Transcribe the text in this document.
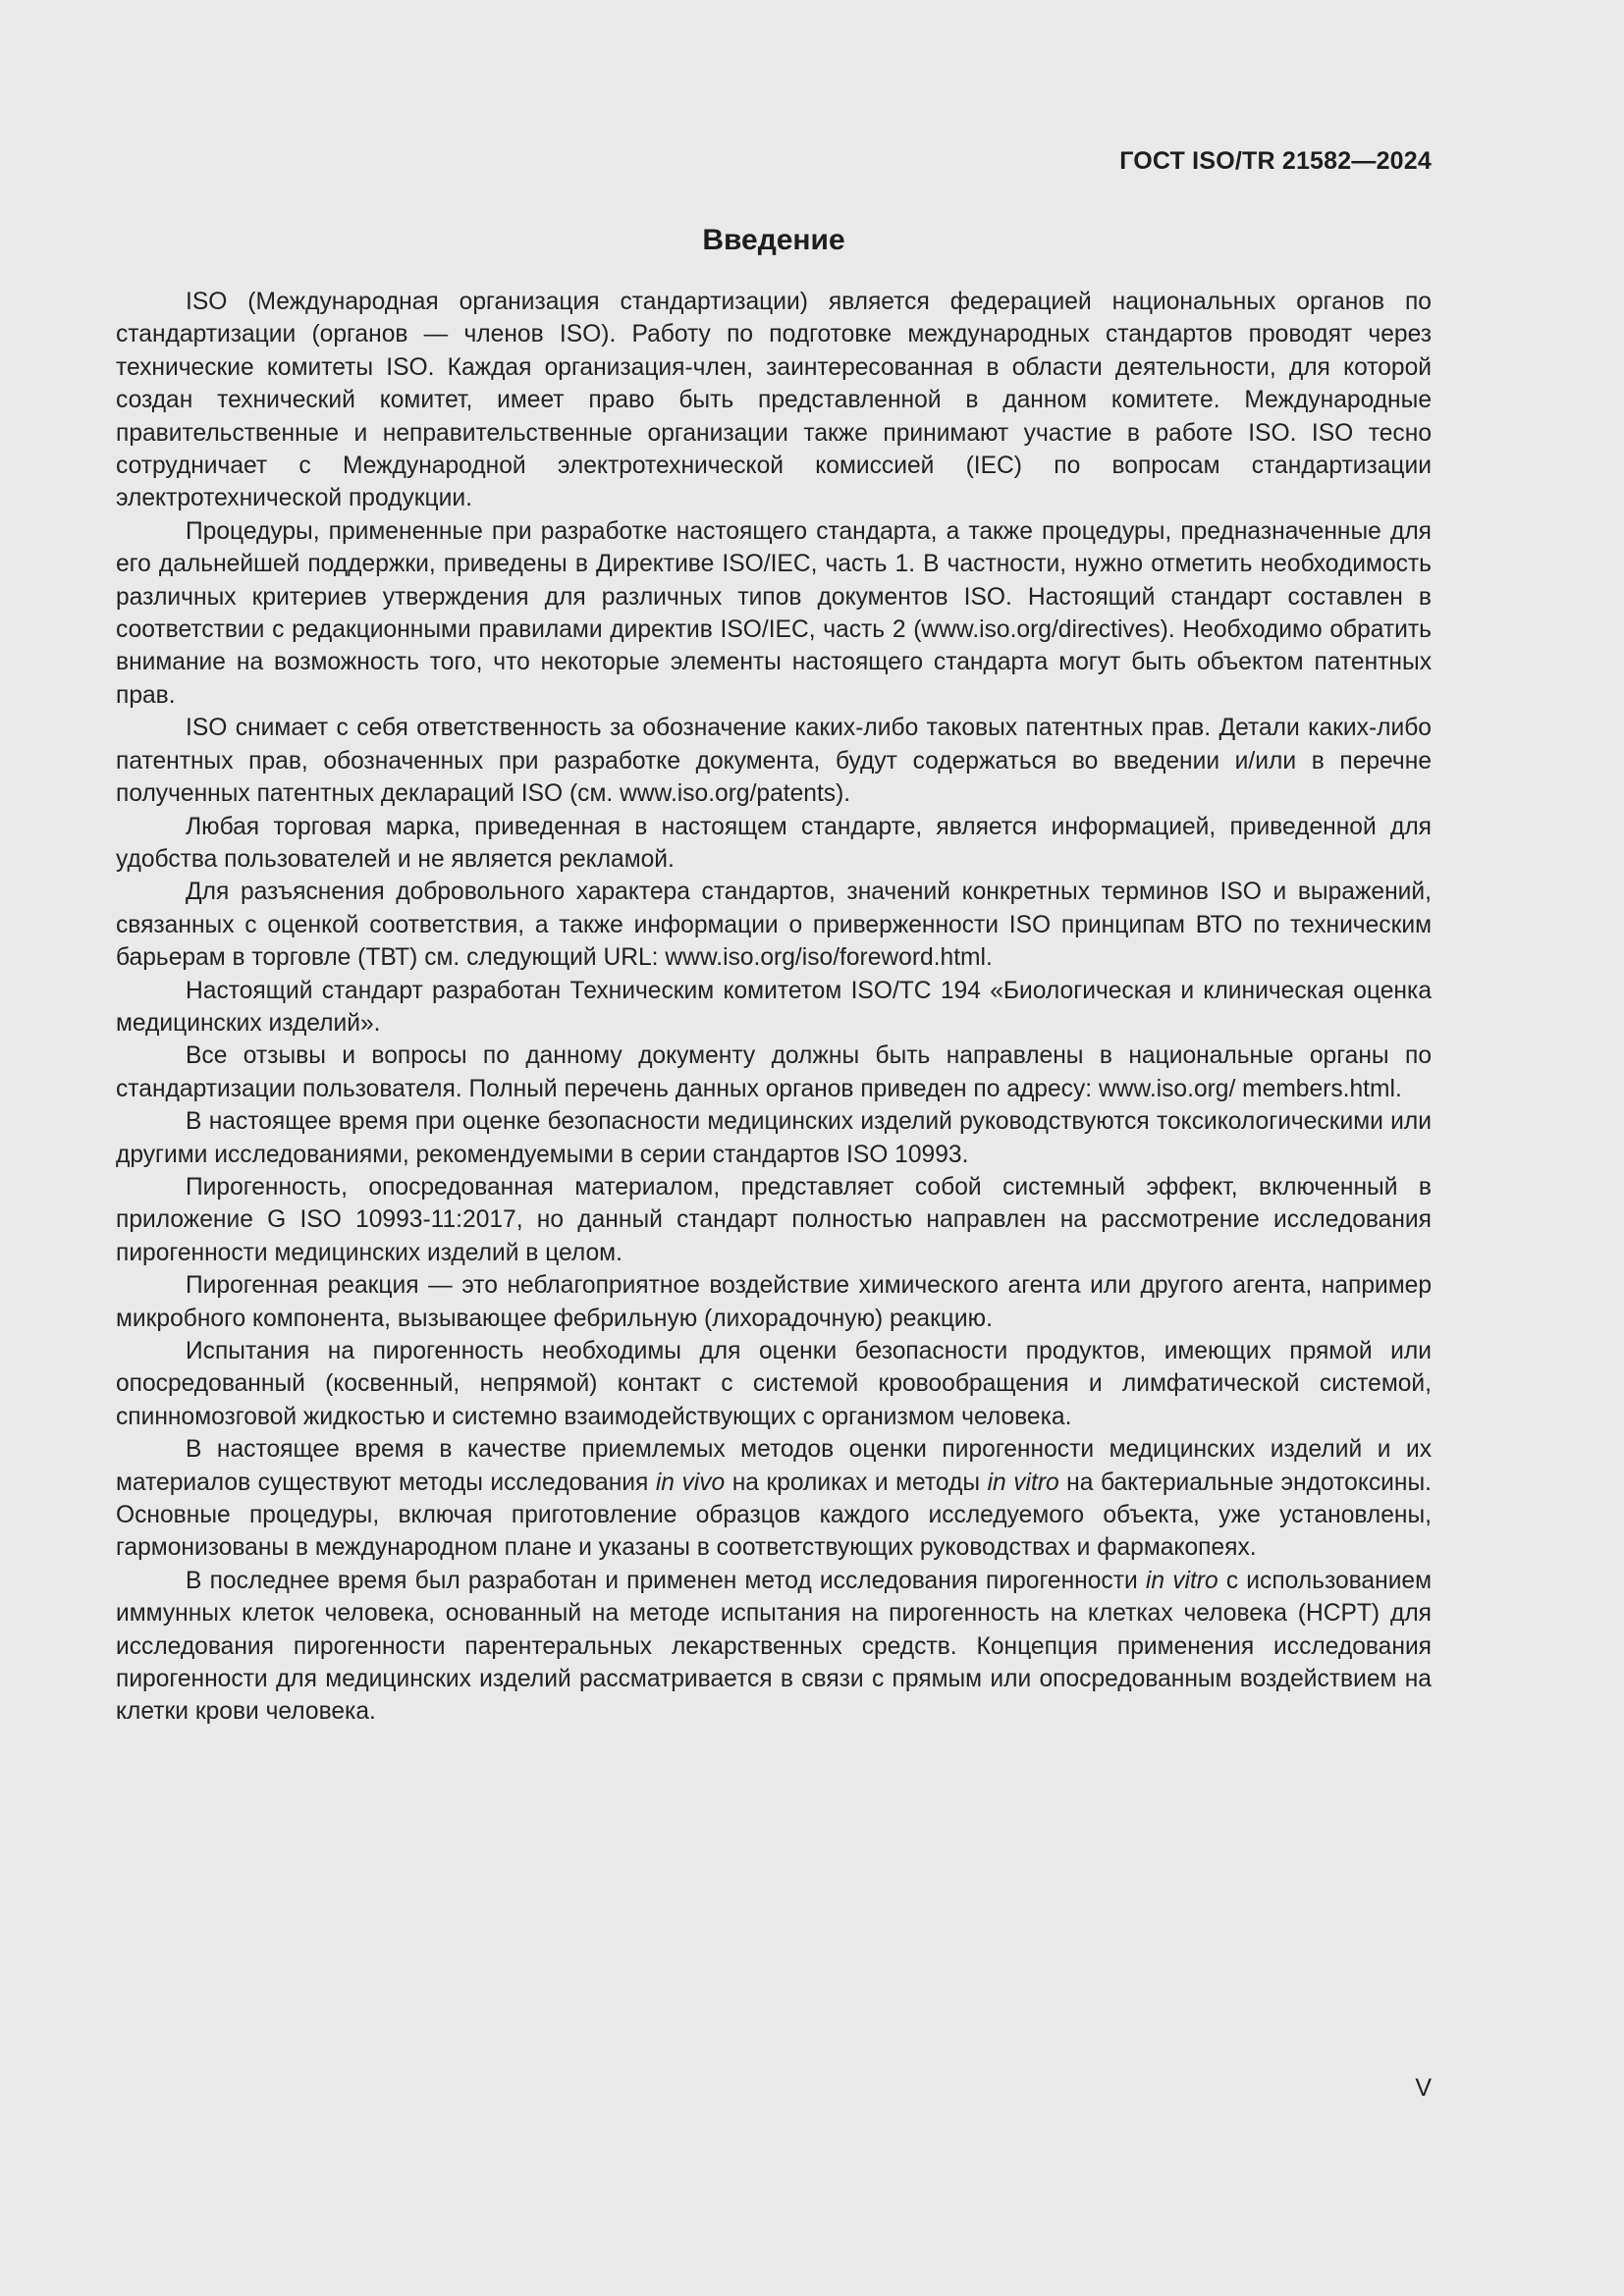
ГОСТ ISO/TR 21582—2024
Введение

ISO (Международная организация стандартизации) является федерацией национальных органов по стандартизации (органов — членов ISO). Работу по подготовке международных стандартов проводят через технические комитеты ISO. Каждая организация-член, заинтересованная в области деятельности, для которой создан технический комитет, имеет право быть представленной в данном комитете. Международные правительственные и неправительственные организации также принимают участие в работе ISO. ISO тесно сотрудничает с Международной электротехнической комиссией (IEC) по вопросам стандартизации электротехнической продукции.

Процедуры, примененные при разработке настоящего стандарта, а также процедуры, предназначенные для его дальнейшей поддержки, приведены в Директиве ISO/IEC, часть 1. В частности, нужно отметить необходимость различных критериев утверждения для различных типов документов ISO. Настоящий стандарт составлен в соответствии с редакционными правилами директив ISO/IEC, часть 2 (www.iso.org/directives). Необходимо обратить внимание на возможность того, что некоторые элементы настоящего стандарта могут быть объектом патентных прав.

ISO снимает с себя ответственность за обозначение каких-либо таковых патентных прав. Детали каких-либо патентных прав, обозначенных при разработке документа, будут содержаться во введении и/или в перечне полученных патентных деклараций ISO (см. www.iso.org/patents).

Любая торговая марка, приведенная в настоящем стандарте, является информацией, приведенной для удобства пользователей и не является рекламой.

Для разъяснения добровольного характера стандартов, значений конкретных терминов ISO и выражений, связанных с оценкой соответствия, а также информации о приверженности ISO принципам ВТО по техническим барьерам в торговле (ТВТ) см. следующий URL: www.iso.org/iso/foreword.html.

Настоящий стандарт разработан Техническим комитетом ISO/TC 194 «Биологическая и клиническая оценка медицинских изделий».

Все отзывы и вопросы по данному документу должны быть направлены в национальные органы по стандартизации пользователя. Полный перечень данных органов приведен по адресу: www.iso.org/ members.html.

В настоящее время при оценке безопасности медицинских изделий руководствуются токсикологическими или другими исследованиями, рекомендуемыми в серии стандартов ISO 10993.

Пирогенность, опосредованная материалом, представляет собой системный эффект, включенный в приложение G ISO 10993-11:2017, но данный стандарт полностью направлен на рассмотрение исследования пирогенности медицинских изделий в целом.

Пирогенная реакция — это неблагоприятное воздействие химического агента или другого агента, например микробного компонента, вызывающее фебрильную (лихорадочную) реакцию.

Испытания на пирогенность необходимы для оценки безопасности продуктов, имеющих прямой или опосредованный (косвенный, непрямой) контакт с системой кровообращения и лимфатической системой, спинномозговой жидкостью и системно взаимодействующих с организмом человека.

В настоящее время в качестве приемлемых методов оценки пирогенности медицинских изделий и их материалов существуют методы исследования in vivo на кроликах и методы in vitro на бактериальные эндотоксины. Основные процедуры, включая приготовление образцов каждого исследуемого объекта, уже установлены, гармонизованы в международном плане и указаны в соответствующих руководствах и фармакопеях.

В последнее время был разработан и применен метод исследования пирогенности in vitro с использованием иммунных клеток человека, основанный на методе испытания на пирогенность на клетках человека (HCPT) для исследования пирогенности парентеральных лекарственных средств. Концепция применения исследования пирогенности для медицинских изделий рассматривается в связи с прямым или опосредованным воздействием на клетки крови человека.

V
